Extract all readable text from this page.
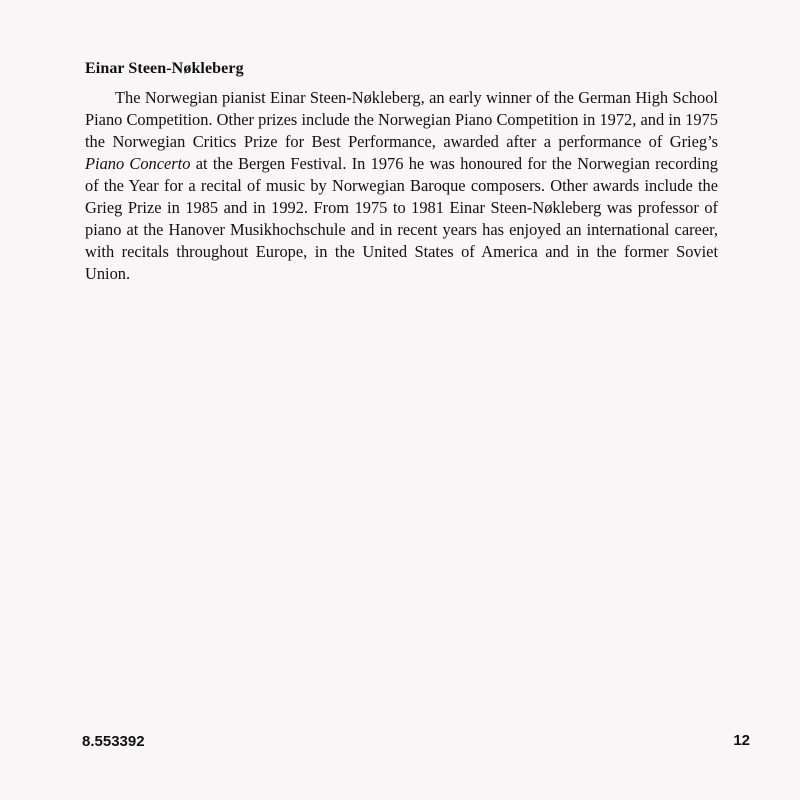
Einar Steen-Nøkleberg

The Norwegian pianist Einar Steen-Nøkleberg, an early winner of the German High School Piano Competition. Other prizes include the Norwegian Piano Competition in 1972, and in 1975 the Norwegian Critics Prize for Best Performance, awarded after a performance of Grieg’s Piano Concerto at the Bergen Festival. In 1976 he was honoured for the Norwegian recording of the Year for a recital of music by Norwegian Baroque composers. Other awards include the Grieg Prize in 1985 and in 1992. From 1975 to 1981 Einar Steen-Nøkleberg was professor of piano at the Hanover Musikhochschule and in recent years has enjoyed an international career, with recitals throughout Europe, in the United States of America and in the former Soviet Union.

8.553392	12
